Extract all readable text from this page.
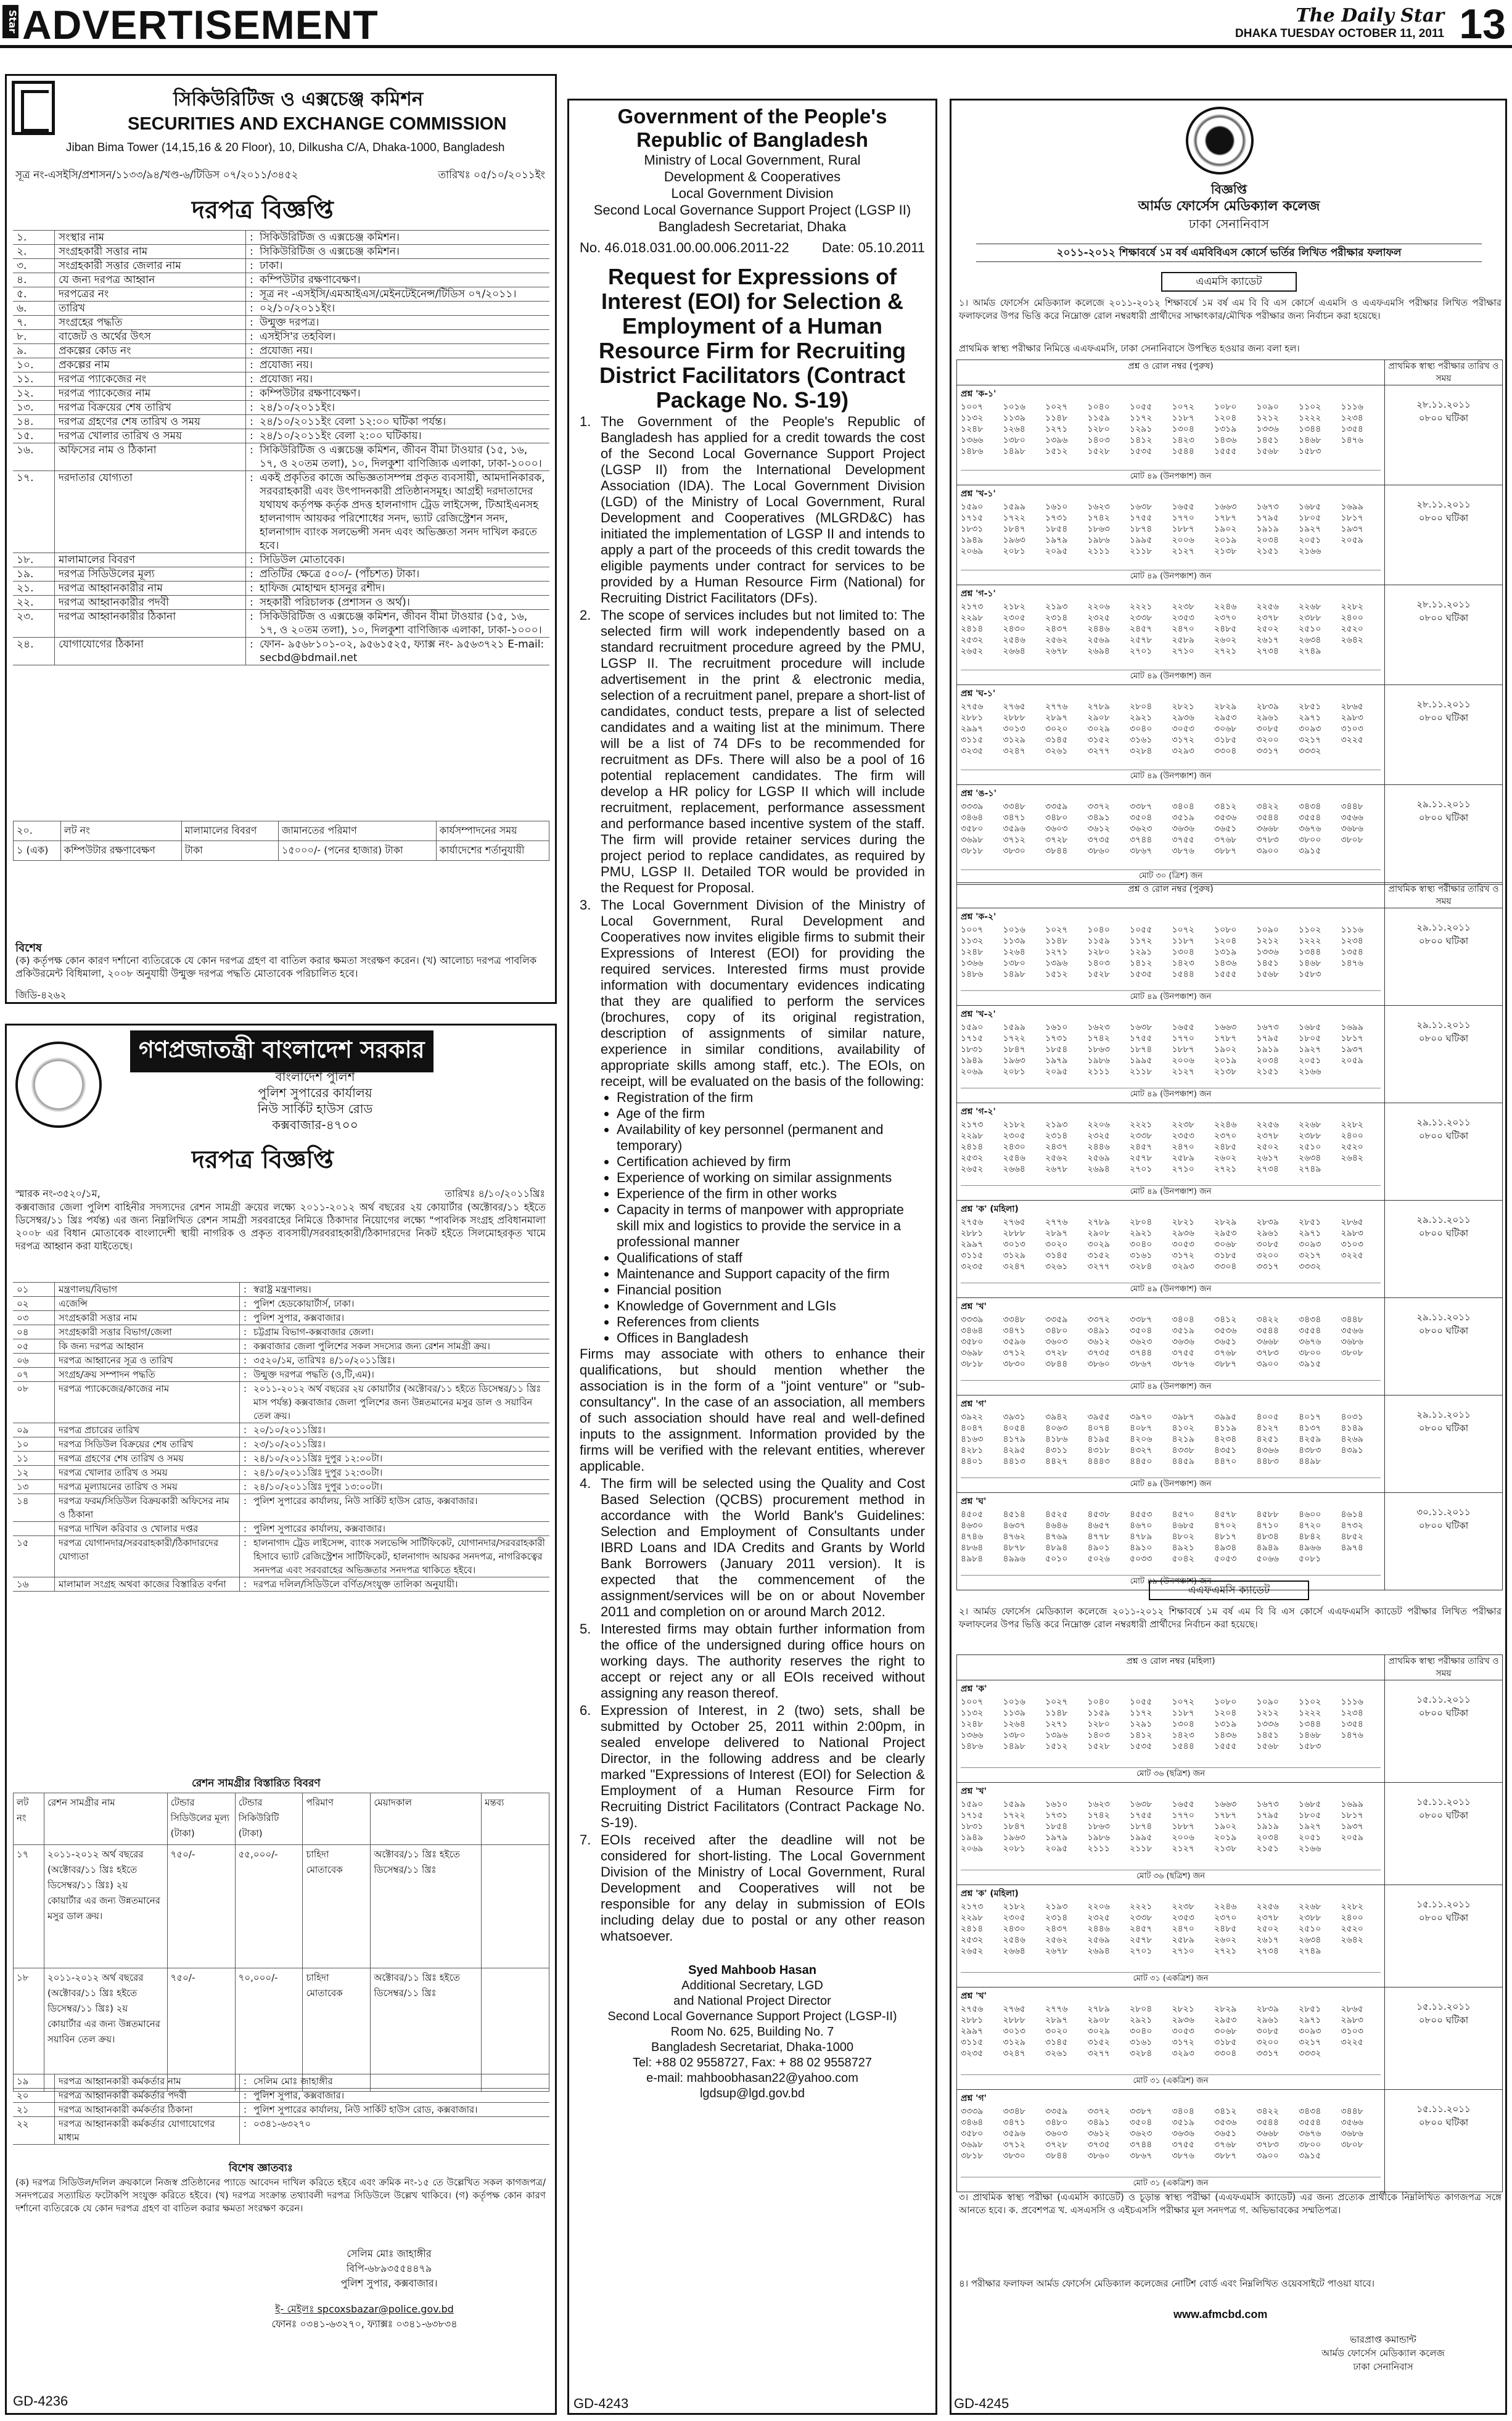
Star ADVERTISEMENT	The Daily Star
DHAKA TUESDAY OCTOBER 11, 2011 13
সিকিউরিটিজ ও এক্সচেঞ্জ কমিশন
SECURITIES AND EXCHANGE COMMISSION
Jiban Bima Tower (14,15,16 & 20 Floor), 10, Dilkusha C/A, Dhaka-1000, Bangladesh
সূত্র নং-এসইসি/প্রশাসন/১১৩৩/৯৪/খণ্ড-৬/টিডিস ০৭/২০১১/৩৪৫২	তারিখঃ ০৫/১০/২০১১ইং
দরপত্র বিজ্ঞপ্তি
১.	সংস্থার নাম	: সিকিউরিটিজ ও এক্সচেঞ্জ কমিশন।
২.	সংগ্রহকারী সত্তার নাম	: সিকিউরিটিজ ও এক্সচেঞ্জ কমিশন।
৩.	সংগ্রহকারী সত্তার জেলার নাম	: ঢাকা।
৪.	যে জন্য দরপত্র আহ্বান	: কম্পিউটার রক্ষণাবেক্ষণ।
৫.	দরপত্রের নং	: সূত্র নং -এসইসি/এমআইএস/মেইনটেইনেন্স/টিডিস ০৭/২০১১।
৬.	তারিখ	: ০২/১০/২০১১ইং।
৭.	সংগ্রহের পদ্ধতি	: উন্মুক্ত দরপত্র।
৮.	বাজেট ও অর্থের উৎস	: এসইসি'র তহবিল।
৯.	প্রকল্পের কোড নং	: প্রযোজ্য নয়।
১০.	প্রকল্পের নাম	: প্রযোজ্য নয়।
১১.	দরপত্র প্যাকেজের নং	: প্রযোজ্য নয়।
১২.	দরপত্র প্যাকেজের নাম	: কম্পিউটার রক্ষণাবেক্ষণ।
১৩.	দরপত্র বিক্রয়ের শেষ তারিখ	: ২৪/১০/২০১১ইং।
১৪.	দরপত্র গ্রহণের শেষ তারিখ ও সময়	: ২৪/১০/২০১১ইং বেলা ১২:০০ ঘটিকা পর্যন্ত।
১৫.	দরপত্র খোলার তারিখ ও সময়	: ২৪/১০/২০১১ইং বেলা ২:০০ ঘটিকায়।
১৬.	অফিসের নাম ও ঠিকানা	: সিকিউরিটিজ ও এক্সচেঞ্জ কমিশন, জীবন বীমা টাওয়ার (১৫, ১৬, ১৭, ও ২০তম তলা), ১০, দিলকুশা বাণিজ্যিক এলাকা, ঢাকা-১০০০।
১৭.	দরদাতার যোগ্যতা	: একই প্রকৃতির কাজে অভিজ্ঞতাসম্পন্ন প্রকৃত ব্যবসায়ী, আমদানিকারক, সরবরাহকারী এবং উৎপাদনকারী প্রতিষ্ঠানসমূহ। আগ্রহী দরদাতাদের যথাযথ কর্তৃপক্ষ কর্তৃক প্রদত্ত হালনাগাদ ট্রেড লাইসেন্স, টিআইএনসহ হালনাগাদ আয়কর পরিশোধের সনদ, ভ্যাট রেজিস্ট্রেশন সনদ, হালনাগাদ ব্যাংক সলভেন্সী সনদ এবং অভিজ্ঞতা সনদ দাখিল করতে হবে।
১৮.	মালামালের বিবরণ	: সিডিউল মোতাবেক।
১৯.	দরপত্র সিডিউলের মূল্য	: প্রতিটির ক্ষেত্রে ৫০০/- (পাঁচশত) টাকা।
২১.	দরপত্র আহ্বানকারীর নাম	: হাফিজ মোহাম্মদ হাসনুর রশীদ।
২২.	দরপত্র আহ্বানকারীর পদবী	: সহকারী পরিচালক (প্রশাসন ও অর্থ)।
২৩.	দরপত্র আহ্বানকারীর ঠিকানা	: সিকিউরিটিজ ও এক্সচেঞ্জ কমিশন, জীবন বীমা টাওয়ার (১৫, ১৬, ১৭, ও ২০তম তলা), ১০, দিলকুশা বাণিজ্যিক এলাকা, ঢাকা-১০০০।
২৪.	যোগাযোগের ঠিকানা	: ফোন- ৯৫৬৮১০১-০২, ৯৫৬১৫২৫, ফ্যাক্স নং- ৯৫৬৩৭২১ E-mail: secbd@bdmail.net
২০.	লট নং	মালামালের বিবরণ	জামানতের পরিমাণ	কার্যসম্পাদনের সময়
১ (এক)	কম্পিউটার রক্ষণাবেক্ষণ	টাকা	১৫০০০/- (পনের হাজার) টাকা	কার্যাদেশের শর্তানুযায়ী
বিশেষ
(ক) কর্তৃপক্ষ কোন কারণ দর্শানো ব্যতিরেকে যে কোন দরপত্র গ্রহণ বা বাতিল করার ক্ষমতা সংরক্ষণ করেন। (খ) আলোচ্য দরপত্র পাবলিক প্রকিউরমেন্ট বিধিমালা, ২০০৮ অনুযায়ী উন্মুক্ত দরপত্র পদ্ধতি মোতাবেক পরিচালিত হবে।
জিডি-৪২৬২
গণপ্রজাতন্ত্রী বাংলাদেশ সরকার
বাংলাদেশ পুলিশ
পুলিশ সুপারের কার্যালয়
নিউ সার্কিট হাউস রোড
কক্সবাজার-৪৭০০
দরপত্র বিজ্ঞপ্তি
স্মারক নং-৩৫২০/১ম,	তারিখঃ ৪/১০/২০১১খ্রিঃ
কক্সবাজার জেলা পুলিশ বাহিনীর সদস্যদের রেশন সামগ্রী ক্রয়ের লক্ষ্যে ২০১১-২০১২ অর্থ বছরের ২য় কোয়ার্টার (অক্টোবর/১১ হইতে ডিসেম্বর/১১ খ্রিঃ পর্যন্ত) এর জন্য নিম্নলিখিত রেশন সামগ্রী সরবরাহের নিমিত্তে ঠিকাদার নিয়োগের লক্ষ্যে "পাবলিক সংগ্রহ প্রবিধানমালা ২০০৮ এর বিধান মোতাবেক বাংলাদেশী স্থায়ী নাগরিক ও প্রকৃত ব্যবসায়ী/সরবরাহকারী/ঠিকাদারদের নিকট হইতে সিলমোহরকৃত খামে দরপত্র আহ্বান করা যাইতেছে।
০১	মন্ত্রণালয়/বিভাগ	: স্বরাষ্ট্র মন্ত্রণালয়।
০২	এজেন্সি	: পুলিশ হেডকোয়ার্টার্স, ঢাকা।
০৩	সংগ্রহকারী সত্তার নাম	: পুলিশ সুপার, কক্সবাজার।
০৪	সংগ্রহকারী সত্তার বিভাগ/জেলা	: চট্টগ্রাম বিভাগ-কক্সবাজার জেলা।
০৫	কি জন্য দরপত্র আহ্বান	: কক্সবাজার জেলা পুলিশের সকল সদস্যের জন্য রেশন সামগ্রী ক্রয়।
০৬	দরপত্র আহ্বানের সূত্র ও তারিখ	: ৩৫২০/১ম, তারিখঃ ৪/১০/২০১১খ্রিঃ।
০৭	সংগ্রহ/ক্রয় সম্পাদন পদ্ধতি	: উন্মুক্ত দরপত্র পদ্ধতি (ও,টি,এম)।
০৮	দরপত্র প্যাকেজের/কাজের নাম	: ২০১১-২০১২ অর্থ বছরের ২য় কোয়ার্টার (অক্টোবর/১১ হইতে ডিসেম্বর/১১ খ্রিঃ মাস পর্যন্ত) কক্সবাজার জেলা পুলিশের জন্য উন্নতমানের মসুর ডাল ও সয়াবিন তেল ক্রয়।
০৯	দরপত্র প্রচারের তারিখ	: ২০/১০/২০১১খ্রিঃ।
১০	দরপত্র সিডিউল বিক্রয়ের শেষ তারিখ	: ২৩/১০/২০১১খ্রিঃ।
১১	দরপত্র গ্রহণের শেষ তারিখ ও সময়	: ২৪/১০/২০১১খ্রিঃ দুপুর ১২:০০টা।
১২	দরপত্র খোলার তারিখ ও সময়	: ২৪/১০/২০১১খ্রিঃ দুপুর ১২:৩০টা।
১৩	দরপত্র মূল্যায়নের তারিখ ও সময়	: ২৪/১০/২০১১খ্রিঃ দুপুর ১৩:০০টা।
১৪	দরপত্র ফরম/সিডিউল বিক্রয়কারী অফিসের নাম ও ঠিকানা
: পুলিশ সুপারের কার্যালয়, নিউ সার্কিট হাউস রোড, কক্সবাজার।
দরপত্র দাখিল করিবার ও খোলার দপ্তর	: পুলিশ সুপারের কার্যালয়, কক্সবাজার।
১৫	দরপত্র যোগানদার/সরবরাহকারী/ঠিকাদারদের যোগ্যতা
: হালনাগাদ ট্রেড লাইসেন্স, ব্যাংক সলভেন্সি সার্টিফিকেট, যোগানদার/সরবরাহকারী হিসাবে ভ্যাট রেজিস্ট্রেশন সার্টিফিকেট, হালনাগাদ আয়কর সনদপত্র, নাগরিকত্বের সনদপত্র এবং সরবরাহের অভিজ্ঞতার সনদপত্র থাকিতে হইবে।
১৬	মালামাল সংগ্রহ অথবা কাজের বিস্তারিত বর্ণনা	: দরপত্র দলিল/সিডিউলে বর্ণিত/সংযুক্ত তালিকা অনুযায়ী।
রেশন সামগ্রীর বিস্তারিত বিবরণ
লট নং	রেশন সামগ্রীর নাম	টেন্ডার সিডিউলের মূল্য (টাকা)	টেন্ডার সিকিউরিটি (টাকা)	পরিমাণ	মেয়াদকাল	মন্তব্য
১৭	২০১১-২০১২ অর্থ বছরের (অক্টোবর/১১ খ্রিঃ হইতে ডিসেম্বর/১১ খ্রিঃ) ২য় কোয়ার্টার এর জন্য উন্নতমানের মসুর ডাল ক্রয়।	৭৫০/-	৫৫,০০০/-	চাহিদা মোতাবেক	অক্টোবর/১১ খ্রিঃ হইতে ডিসেম্বর/১১ খ্রিঃ	
১৮	২০১১-২০১২ অর্থ বছরের (অক্টোবর/১১ খ্রিঃ হইতে ডিসেম্বর/১১ খ্রিঃ) ২য় কোয়ার্টার এর জন্য উন্নতমানের সয়াবিন তেল ক্রয়।	৭৫০/-	৭০,০০০/-	চাহিদা মোতাবেক	অক্টোবর/১১ খ্রিঃ হইতে ডিসেম্বর/১১ খ্রিঃ	
১৯	দরপত্র আহ্বানকারী কর্মকর্তার নাম	: সেলিম মোঃ জাহাঙ্গীর
২০	দরপত্র আহ্বানকারী কর্মকর্তার পদবী	: পুলিশ সুপার, কক্সবাজার।
২১	দরপত্র আহ্বানকারী কর্মকর্তার ঠিকানা	: পুলিশ সুপারের কার্যালয়, নিউ সার্কিট হাউস রোড, কক্সবাজার।
২২	দরপত্র আহ্বানকারী কর্মকর্তার যোগাযোগের মাধ্যম
: ০৩৪১-৬৩২৭০
বিশেষ জ্ঞাতব্যঃ
(ক) দরপত্র সিডিউল/দলিল ক্রয়কালে নিজস্ব প্রতিষ্ঠানের প্যাডে আবেদন দাখিল করিতে হইবে এবং ক্রমিক নং-১৫ তে উল্লেখিত সকল কাগজপত্র/সনদপত্রের সত্যায়িত ফটোকপি সংযুক্ত করিতে হইবে। (খ) দরপত্র সংক্রান্ত তথ্যাবলী দরপত্র সিডিউলে উল্লেখ থাকিবে। (গ) কর্তৃপক্ষ কোন কারণ দর্শানো ব্যতিরেকে যে কোন দরপত্র গ্রহণ বা বাতিল করার ক্ষমতা সংরক্ষণ করেন।
সেলিম মোঃ জাহাঙ্গীর
বিপি-৬৮৯৩৫৫৪৪৭৯
পুলিশ সুপার, কক্সবাজার।
ই- মেইলঃ spcoxsbazar@police.gov.bd
ফোনঃ ০৩৪১-৬৩২৭০, ফ্যাক্সঃ ০৩৪১-৬৩৮৩৪
GD-4236
Government of the People's
Republic of Bangladesh
Ministry of Local Government, Rural
Development & Cooperatives
Local Government Division
Second Local Governance Support Project (LGSP II)
Bangladesh Secretariat, Dhaka
No. 46.018.031.00.00.006.2011-22 Date: 05.10.2011
Request for Expressions of Interest (EOI) for Selection & Employment of a Human Resource Firm for Recruiting District Facilitators (Contract Package No. S-19)
1. The Government of the People's Republic of Bangladesh has applied for a credit towards the cost of the Second Local Governance Support Project (LGSP II) from the International Development Association (IDA). The Local Government Division (LGD) of the Ministry of Local Government, Rural Development and Cooperatives (MLGRD&C) has initiated the implementation of LGSP II and intends to apply a part of the proceeds of this credit towards the eligible payments under contract for services to be provided by a Human Resource Firm (National) for Recruiting District Facilitators (DFs).
2. The scope of services includes but not limited to: The selected firm will work independently based on a standard recruitment procedure agreed by the PMU, LGSP II. The recruitment procedure will include advertisement in the print & electronic media, selection of a recruitment panel, prepare a short-list of candidates, conduct tests, prepare a list of selected candidates and a waiting list at the minimum. There will be a list of 74 DFs to be recommended for recruitment as DFs. There will also be a pool of 16 potential replacement candidates. The firm will develop a HR policy for LGSP II which will include recruitment, replacement, performance assessment and performance based incentive system of the staff. The firm will provide retainer services during the project period to replace candidates, as required by PMU, LGSP II. Detailed TOR would be provided in the Request for Proposal.
3. The Local Government Division of the Ministry of Local Government, Rural Development and Cooperatives now invites eligible firms to submit their Expressions of Interest (EOI) for providing the required services. Interested firms must provide information with documentary evidences indicating that they are qualified to perform the services (brochures, copy of its original registration, description of assignments of similar nature, experience in similar conditions, availability of appropriate skills among staff, etc.). The EOIs, on receipt, will be evaluated on the basis of the following:
• Registration of the firm
• Age of the firm
• Availability of key personnel (permanent and temporary)
• Certification achieved by firm
• Experience of working on similar assignments
• Experience of the firm in other works
• Capacity in terms of manpower with appropriate skill mix and logistics to provide the service in a professional manner
• Qualifications of staff
• Maintenance and Support capacity of the firm
• Financial position
• Knowledge of Government and LGIs
• References from clients
• Offices in Bangladesh
Firms may associate with others to enhance their qualifications, but should mention whether the association is in the form of a "joint venture" or "sub-consultancy". In the case of an association, all members of such association should have real and well-defined inputs to the assignment. Information provided by the firms will be verified with the relevant entities, wherever applicable.
4. The firm will be selected using the Quality and Cost Based Selection (QCBS) procurement method in accordance with the World Bank's Guidelines: Selection and Employment of Consultants under IBRD Loans and IDA Credits and Grants by World Bank Borrowers (January 2011 version). It is expected that the commencement of the assignment/services will be on or about November 2011 and completion on or around March 2012.
5. Interested firms may obtain further information from the office of the undersigned during office hours on working days. The authority reserves the right to accept or reject any or all EOIs received without assigning any reason thereof.
6. Expression of Interest, in 2 (two) sets, shall be submitted by October 25, 2011 within 2:00pm, in sealed envelope delivered to National Project Director, in the following address and be clearly marked "Expressions of Interest (EOI) for Selection & Employment of a Human Resource Firm for Recruiting District Facilitators (Contract Package No. S-19).
7. EOIs received after the deadline will not be considered for short-listing. The Local Government Division of the Ministry of Local Government, Rural Development and Cooperatives will not be responsible for any delay in submission of EOIs including delay due to postal or any other reason whatsoever.
Syed Mahboob Hasan
Additional Secretary, LGD
and National Project Director
Second Local Governance Support Project (LGSP-II)
Room No. 625, Building No. 7
Bangladesh Secretariat, Dhaka-1000
Tel: +88 02 9558727, Fax: + 88 02 9558727
e-mail: mahboobhasan22@yahoo.com
lgdsup@lgd.gov.bd
GD-4243
বিজ্ঞপ্তি
আর্মড ফোর্সেস মেডিক্যাল কলেজ
ঢাকা সেনানিবাস
২০১১-২০১২ শিক্ষাবর্ষে ১ম বর্ষ এমবিবিএস কোর্সে ভর্তির লিখিত পরীক্ষার ফলাফল
এএমসি ক্যাডেট
১। আর্মড ফোর্সেস মেডিক্যাল কলেজে ২০১১-২০১২ শিক্ষাবর্ষে ১ম বর্ষ এম বি বি এস কোর্সে এএমসি ও এএফএমসি পরীক্ষার লিখিত পরীক্ষার ফলাফলের উপর ভিত্তি করে নিম্নোক্ত রোল নম্বরধারী প্রার্থীদের সাক্ষাৎকার/মৌখিক পরীক্ষার জন্য নির্বাচন করা হয়েছে।
প্রাথমিক স্বাস্থ্য পরীক্ষার নিমিত্তে এএফএমসি, ঢাকা সেনানিবাসে উপস্থিত হওয়ার জন্য বলা হল।
প্রশ্ন ও রোল নম্বর (পুরুষ)	প্রাথমিক স্বাস্থ্য পরীক্ষার তারিখ ও সময়
প্রশ্ন 'ক-১'
১০০৭	১০১৬	১০২৭	১০৪০	১০৫৫	১০৭২	১০৮০	১০৯০	১১০২	১১১৬
১১৩২	১১৩৯	১১৪৮	১১৫৯	১১৭২	১১৮৭	১২০৪	১২১২	১২২২	১২৩৪
১২৪৮	১২৬৪	১২৭১	১২৮০	১২৯১	১৩০৪	১৩১৯	১৩৩৬	১৩৪৪	১৩৫৪
১৩৬৬	১৩৮০	১৩৯৬	১৪০৩	১৪১২	১৪২৩	১৪৩৬	১৪৫১	১৪৬৮	১৪৭৬
১৪৮৬	১৪৯৮	১৫১২	১৫২৮	১৫৩৫	১৫৪৪	১৫৫৫	১৫৬৮	১৫৮৩
মোট ৪৯ (উনপঞ্চাশ) জন
২৮.১১.২০১১
০৮০০ ঘটিকা
প্রশ্ন 'খ-১'
১৫৯০	১৫৯৯	১৬১০	১৬২৩	১৬৩৮	১৬৫৫	১৬৬৩	১৬৭৩	১৬৮৫	১৬৯৯
১৭১৫	১৭২২	১৭৩১	১৭৪২	১৭৫৫	১৭৭০	১৭৮৭	১৭৯৫	১৮০৫	১৮১৭
১৮৩১	১৮৪৭	১৮৫৪	১৮৬৩	১৮৭৪	১৮৮৭	১৯০২	১৯১৯	১৯২৭	১৯৩৭
১৯৪৯	১৯৬৩	১৯৭৯	১৯৮৬	১৯৯৫	২০০৬	২০১৯	২০৩৪	২০৫১	২০৫৯
২০৬৯	২০৮১	২০৯৫	২১১১	২১১৮	২১২৭	২১৩৮	২১৫১	২১৬৬
মোট ৪৯ (উনপঞ্চাশ) জন
২৮.১১.২০১১
০৮০০ ঘটিকা
প্রশ্ন 'গ-১'
২১৭৩	২১৮২	২১৯৩	২২০৬	২২২১	২২৩৮	২২৪৬	২২৫৬	২২৬৮	২২৮২
২২৯৮	২৩০৫	২৩১৪	২৩২৫	২৩৩৮	২৩৫৩	২৩৭০	২৩৭৮	২৩৮৮	২৪০০
২৪১৪	২৪৩০	২৪৩৭	২৪৪৬	২৪৫৭	২৪৭০	২৪৮৫	২৫০২	২৫১০	২৫২০
২৫৩২	২৫৪৬	২৫৬২	২৫৬৯	২৫৭৮	২৫৮৯	২৬০২	২৬১৭	২৬৩৪	২৬৪২
২৬৫২	২৬৬৪	২৬৭৮	২৬৯৪	২৭০১	২৭১০	২৭২১	২৭৩৪	২৭৪৯
মোট ৪৯ (উনপঞ্চাশ) জন
২৮.১১.২০১১
০৮০০ ঘটিকা
প্রশ্ন 'ঘ-১'
২৭৫৬	২৭৬৫	২৭৭৬	২৭৮৯	২৮০৪	২৮২১	২৮২৯	২৮৩৯	২৮৫১	২৮৬৫
২৮৮১	২৮৮৮	২৮৯৭	২৯০৮	২৯২১	২৯৩৬	২৯৫৩	২৯৬১	২৯৭১	২৯৮৩
২৯৯৭	৩০১৩	৩০২০	৩০২৯	৩০৪০	৩০৫৩	৩০৬৮	৩০৮৫	৩০৯৩	৩১০৩
৩১১৫	৩১২৯	৩১৪৫	৩১৫২	৩১৬১	৩১৭২	৩১৮৫	৩২০০	৩২১৭	৩২২৫
৩২৩৫	৩২৪৭	৩২৬১	৩২৭৭	৩২৮৪	৩২৯৩	৩৩০৪	৩৩১৭	৩৩৩২
মোট ৪৯ (উনপঞ্চাশ) জন
২৮.১১.২০১১
০৮০০ ঘটিকা
প্রশ্ন 'ঙ-১'
৩৩৩৯	৩৩৪৮	৩৩৫৯	৩৩৭২	৩৩৮৭	৩৪০৪	৩৪১২	৩৪২২	৩৪৩৪	৩৪৪৮
৩৪৬৪	৩৪৭১	৩৪৮০	৩৪৯১	৩৫০৪	৩৫১৯	৩৫৩৬	৩৫৪৪	৩৫৫৪	৩৫৬৬
৩৫৮০	৩৫৯৬	৩৬০৩	৩৬১২	৩৬২৩	৩৬৩৬	৩৬৫১	৩৬৬৮	৩৬৭৬	৩৬৮৬
৩৬৯৮	৩৭১২	৩৭২৮	৩৭৩৫	৩৭৪৪	৩৭৫৫	৩৭৬৮	৩৭৮৩	৩৮০০	৩৮০৮
৩৮১৮	৩৮৩০	৩৮৪৪	৩৮৬০	৩৮৬৭	৩৮৭৬	৩৮৮৭	৩৯০০	৩৯১৫
মোট ৩০ (ত্রিশ) জন
২৯.১১.২০১১
০৮০০ ঘটিকা
প্রশ্ন ও রোল নম্বর (পুরুষ)	প্রাথমিক স্বাস্থ্য পরীক্ষার তারিখ ও সময়
প্রশ্ন 'ক-২'
১০০৭	১০১৬	১০২৭	১০৪০	১০৫৫	১০৭২	১০৮০	১০৯০	১১০২	১১১৬
১১৩২	১১৩৯	১১৪৮	১১৫৯	১১৭২	১১৮৭	১২০৪	১২১২	১২২২	১২৩৪
১২৪৮	১২৬৪	১২৭১	১২৮০	১২৯১	১৩০৪	১৩১৯	১৩৩৬	১৩৪৪	১৩৫৪
১৩৬৬	১৩৮০	১৩৯৬	১৪০৩	১৪১২	১৪২৩	১৪৩৬	১৪৫১	১৪৬৮	১৪৭৬
১৪৮৬	১৪৯৮	১৫১২	১৫২৮	১৫৩৫	১৫৪৪	১৫৫৫	১৫৬৮	১৫৮৩
মোট ৪৯ (উনপঞ্চাশ) জন
২৯.১১.২০১১
০৮০০ ঘটিকা
প্রশ্ন 'খ-২'
১৫৯০	১৫৯৯	১৬১০	১৬২৩	১৬৩৮	১৬৫৫	১৬৬৩	১৬৭৩	১৬৮৫	১৬৯৯
১৭১৫	১৭২২	১৭৩১	১৭৪২	১৭৫৫	১৭৭০	১৭৮৭	১৭৯৫	১৮০৫	১৮১৭
১৮৩১	১৮৪৭	১৮৫৪	১৮৬৩	১৮৭৪	১৮৮৭	১৯০২	১৯১৯	১৯২৭	১৯৩৭
১৯৪৯	১৯৬৩	১৯৭৯	১৯৮৬	১৯৯৫	২০০৬	২০১৯	২০৩৪	২০৫১	২০৫৯
২০৬৯	২০৮১	২০৯৫	২১১১	২১১৮	২১২৭	২১৩৮	২১৫১	২১৬৬
মোট ৪৯ (উনপঞ্চাশ) জন
২৯.১১.২০১১
০৮০০ ঘটিকা
প্রশ্ন 'গ-২'
২১৭৩	২১৮২	২১৯৩	২২০৬	২২২১	২২৩৮	২২৪৬	২২৫৬	২২৬৮	২২৮২
২২৯৮	২৩০৫	২৩১৪	২৩২৫	২৩৩৮	২৩৫৩	২৩৭০	২৩৭৮	২৩৮৮	২৪০০
২৪১৪	২৪৩০	২৪৩৭	২৪৪৬	২৪৫৭	২৪৭০	২৪৮৫	২৫০২	২৫১০	২৫২০
২৫৩২	২৫৪৬	২৫৬২	২৫৬৯	২৫৭৮	২৫৮৯	২৬০২	২৬১৭	২৬৩৪	২৬৪২
২৬৫২	২৬৬৪	২৬৭৮	২৬৯৪	২৭০১	২৭১০	২৭২১	২৭৩৪	২৭৪৯
মোট ৪৯ (উনপঞ্চাশ) জন
২৯.১১.২০১১
০৮০০ ঘটিকা
প্রশ্ন 'ক' (মহিলা)
২৭৫৬	২৭৬৫	২৭৭৬	২৭৮৯	২৮০৪	২৮২১	২৮২৯	২৮৩৯	২৮৫১	২৮৬৫
২৮৮১	২৮৮৮	২৮৯৭	২৯০৮	২৯২১	২৯৩৬	২৯৫৩	২৯৬১	২৯৭১	২৯৮৩
২৯৯৭	৩০১৩	৩০২০	৩০২৯	৩০৪০	৩০৫৩	৩০৬৮	৩০৮৫	৩০৯৩	৩১০৩
৩১১৫	৩১২৯	৩১৪৫	৩১৫২	৩১৬১	৩১৭২	৩১৮৫	৩২০০	৩২১৭	৩২২৫
৩২৩৫	৩২৪৭	৩২৬১	৩২৭৭	৩২৮৪	৩২৯৩	৩৩০৪	৩৩১৭	৩৩৩২
মোট ৪৯ (উনপঞ্চাশ) জন
২৯.১১.২০১১
০৮০০ ঘটিকা
প্রশ্ন 'খ'
৩৩৩৯	৩৩৪৮	৩৩৫৯	৩৩৭২	৩৩৮৭	৩৪০৪	৩৪১২	৩৪২২	৩৪৩৪	৩৪৪৮
৩৪৬৪	৩৪৭১	৩৪৮০	৩৪৯১	৩৫০৪	৩৫১৯	৩৫৩৬	৩৫৪৪	৩৫৫৪	৩৫৬৬
৩৫৮০	৩৫৯৬	৩৬০৩	৩৬১২	৩৬২৩	৩৬৩৬	৩৬৫১	৩৬৬৮	৩৬৭৬	৩৬৮৬
৩৬৯৮	৩৭১২	৩৭২৮	৩৭৩৫	৩৭৪৪	৩৭৫৫	৩৭৬৮	৩৭৮৩	৩৮০০	৩৮০৮
৩৮১৮	৩৮৩০	৩৮৪৪	৩৮৬০	৩৮৬৭	৩৮৭৬	৩৮৮৭	৩৯০০	৩৯১৫
মোট ৪৯ (উনপঞ্চাশ) জন
২৯.১১.২০১১
০৮০০ ঘটিকা
প্রশ্ন 'গ'
৩৯২২	৩৯৩১	৩৯৪২	৩৯৫৫	৩৯৭০	৩৯৮৭	৩৯৯৫	৪০০৫	৪০১৭	৪০৩১
৪০৪৭	৪০৫৪	৪০৬৩	৪০৭৪	৪০৮৭	৪১০২	৪১১৯	৪১২৭	৪১৩৭	৪১৪৯
৪১৬৩	৪১৭৯	৪১৮৬	৪১৯৫	৪২০৬	৪২১৯	৪২৩৪	৪২৫১	৪২৫৯	৪২৬৯
৪২৮১	৪২৯৫	৪৩১১	৪৩১৮	৪৩২৭	৪৩৩৮	৪৩৫১	৪৩৬৬	৪৩৮৩	৪৩৯১
৪৪০১	৪৪১৩	৪৪২৭	৪৪৪৩	৪৪৫০	৪৪৫৯	৪৪৭০	৪৪৮৩	৪৪৯৮
মোট ৪৯ (উনপঞ্চাশ) জন
২৯.১১.২০১১
০৮০০ ঘটিকা
প্রশ্ন 'ঘ'
৪৫০৫	৪৫১৪	৪৫২৫	৪৫৩৮	৪৫৫৩	৪৫৭০	৪৫৭৮	৪৫৮৮	৪৬০০	৪৬১৪
৪৬৩০	৪৬৩৭	৪৬৪৬	৪৬৫৭	৪৬৭০	৪৬৮৫	৪৭০২	৪৭১০	৪৭২০	৪৭৩২
৪৭৪৬	৪৭৬২	৪৭৬৯	৪৭৭৮	৪৭৮৯	৪৮০২	৪৮১৭	৪৮৩৪	৪৮৪২	৪৮৫২
৪৮৬৪	৪৮৭৮	৪৮৯৪	৪৯০১	৪৯১০	৪৯২১	৪৯৩৪	৪৯৪৯	৪৯৬৬	৪৯৭৪
৪৯৮৪	৪৯৯৬	৫০১০	৫০২৬	৫০৩৩	৫০৪২	৫০৫৩	৫০৬৬	৫০৮১
মোট ৪৯ (উনপঞ্চাশ) জন
৩০.১১.২০১১
০৮০০ ঘটিকা
এএফএমসি ক্যাডেট
২। আর্মড ফোর্সেস মেডিক্যাল কলেজে ২০১১-২০১২ শিক্ষাবর্ষে ১ম বর্ষ এম বি বি এস কোর্সে এএফএমসি ক্যাডেট পরীক্ষার লিখিত পরীক্ষার ফলাফলের উপর ভিত্তি করে নিম্নোক্ত রোল নম্বরধারী প্রার্থীদের নির্বাচন করা হয়েছে।
প্রশ্ন ও রোল নম্বর (মহিলা)	প্রাথমিক স্বাস্থ্য পরীক্ষার তারিখ ও সময়
প্রশ্ন 'ক'
১০০৭	১০১৬	১০২৭	১০৪০	১০৫৫	১০৭২	১০৮০	১০৯০	১১০২	১১১৬
১১৩২	১১৩৯	১১৪৮	১১৫৯	১১৭২	১১৮৭	১২০৪	১২১২	১২২২	১২৩৪
১২৪৮	১২৬৪	১২৭১	১২৮০	১২৯১	১৩০৪	১৩১৯	১৩৩৬	১৩৪৪	১৩৫৪
১৩৬৬	১৩৮০	১৩৯৬	১৪০৩	১৪১২	১৪২৩	১৪৩৬	১৪৫১	১৪৬৮	১৪৭৬
১৪৮৬	১৪৯৮	১৫১২	১৫২৮	১৫৩৫	১৫৪৪	১৫৫৫	১৫৬৮	১৫৮৩
মোট ৩৬ (ছত্রিশ) জন
১৫.১১.২০১১
০৮০০ ঘটিকা
প্রশ্ন 'খ'
১৫৯০	১৫৯৯	১৬১০	১৬২৩	১৬৩৮	১৬৫৫	১৬৬৩	১৬৭৩	১৬৮৫	১৬৯৯
১৭১৫	১৭২২	১৭৩১	১৭৪২	১৭৫৫	১৭৭০	১৭৮৭	১৭৯৫	১৮০৫	১৮১৭
১৮৩১	১৮৪৭	১৮৫৪	১৮৬৩	১৮৭৪	১৮৮৭	১৯০২	১৯১৯	১৯২৭	১৯৩৭
১৯৪৯	১৯৬৩	১৯৭৯	১৯৮৬	১৯৯৫	২০০৬	২০১৯	২০৩৪	২০৫১	২০৫৯
২০৬৯	২০৮১	২০৯৫	২১১১	২১১৮	২১২৭	২১৩৮	২১৫১	২১৬৬
মোট ৩৬ (ছত্রিশ) জন
১৫.১১.২০১১
০৮০০ ঘটিকা
প্রশ্ন 'ক' (মহিলা)
২১৭৩	২১৮২	২১৯৩	২২০৬	২২২১	২২৩৮	২২৪৬	২২৫৬	২২৬৮	২২৮২
২২৯৮	২৩০৫	২৩১৪	২৩২৫	২৩৩৮	২৩৫৩	২৩৭০	২৩৭৮	২৩৮৮	২৪০০
২৪১৪	২৪৩০	২৪৩৭	২৪৪৬	২৪৫৭	২৪৭০	২৪৮৫	২৫০২	২৫১০	২৫২০
২৫৩২	২৫৪৬	২৫৬২	২৫৬৯	২৫৭৮	২৫৮৯	২৬০২	২৬১৭	২৬৩৪	২৬৪২
২৬৫২	২৬৬৪	২৬৭৮	২৬৯৪	২৭০১	২৭১০	২৭২১	২৭৩৪	২৭৪৯
মোট ৩১ (একত্রিশ) জন
১৫.১১.২০১১
০৮০০ ঘটিকা
প্রশ্ন 'খ'
২৭৫৬	২৭৬৫	২৭৭৬	২৭৮৯	২৮০৪	২৮২১	২৮২৯	২৮৩৯	২৮৫১	২৮৬৫
২৮৮১	২৮৮৮	২৮৯৭	২৯০৮	২৯২১	২৯৩৬	২৯৫৩	২৯৬১	২৯৭১	২৯৮৩
২৯৯৭	৩০১৩	৩০২০	৩০২৯	৩০৪০	৩০৫৩	৩০৬৮	৩০৮৫	৩০৯৩	৩১০৩
৩১১৫	৩১২৯	৩১৪৫	৩১৫২	৩১৬১	৩১৭২	৩১৮৫	৩২০০	৩২১৭	৩২২৫
৩২৩৫	৩২৪৭	৩২৬১	৩২৭৭	৩২৮৪	৩২৯৩	৩৩০৪	৩৩১৭	৩৩৩২
মোট ৩১ (একত্রিশ) জন
১৫.১১.২০১১
০৮০০ ঘটিকা
প্রশ্ন 'গ'
৩৩৩৯	৩৩৪৮	৩৩৫৯	৩৩৭২	৩৩৮৭	৩৪০৪	৩৪১২	৩৪২২	৩৪৩৪	৩৪৪৮
৩৪৬৪	৩৪৭১	৩৪৮০	৩৪৯১	৩৫০৪	৩৫১৯	৩৫৩৬	৩৫৪৪	৩৫৫৪	৩৫৬৬
৩৫৮০	৩৫৯৬	৩৬০৩	৩৬১২	৩৬২৩	৩৬৩৬	৩৬৫১	৩৬৬৮	৩৬৭৬	৩৬৮৬
৩৬৯৮	৩৭১২	৩৭২৮	৩৭৩৫	৩৭৪৪	৩৭৫৫	৩৭৬৮	৩৭৮৩	৩৮০০	৩৮০৮
৩৮১৮	৩৮৩০	৩৮৪৪	৩৮৬০	৩৮৬৭	৩৮৭৬	৩৮৮৭	৩৯০০	৩৯১৫
মোট ৩১ (একত্রিশ) জন
১৫.১১.২০১১
০৮০০ ঘটিকা
৩। প্রাথমিক স্বাস্থ্য পরীক্ষা (এএমসি ক্যাডেট) ও চূড়ান্ত স্বাস্থ্য পরীক্ষা (এএফএমসি ক্যাডেট) এর জন্য প্রত্যেক প্রার্থীকে নিম্নলিখিত কাগজপত্র সঙ্গে আনতে হবে। ক. প্রবেশপত্র খ. এসএসসি ও এইচএসসি পরীক্ষার মূল সনদপত্র গ. অভিভাবকের সম্মতিপত্র।
৪। পরীক্ষার ফলাফল আর্মড ফোর্সেস মেডিক্যাল কলেজের নোটিশ বোর্ড এবং নিম্নলিখিত ওয়েবসাইটে পাওয়া যাবে।
www.afmcbd.com
ভারপ্রাপ্ত কমান্ডান্ট
আর্মড ফোর্সেস মেডিক্যাল কলেজ
ঢাকা সেনানিবাস
GD-4245
